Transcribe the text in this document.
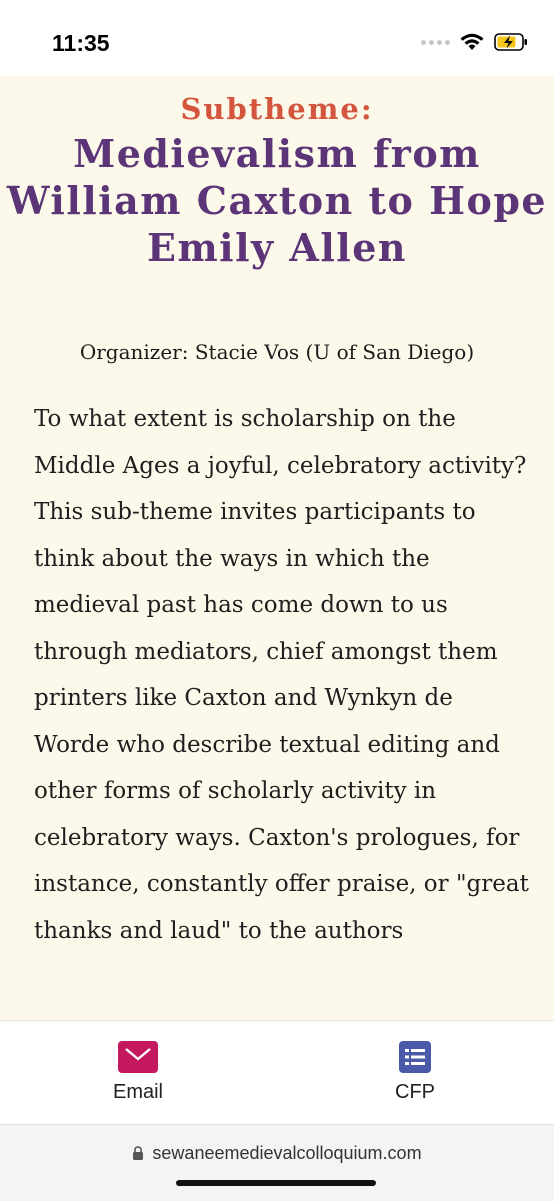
11:35
Subtheme:
Medievalism from William Caxton to Hope Emily Allen
Organizer: Stacie Vos (U of San Diego)

To what extent is scholarship on the Middle Ages a joyful, celebratory activity? This sub-theme invites participants to think about the ways in which the medieval past has come down to us through mediators, chief amongst them printers like Caxton and Wynkyn de Worde who describe textual editing and other forms of scholarly activity in celebratory ways. Caxton's prologues, for instance, constantly offer praise, or "great thanks and laud" to the authors

Email	CFP
sewaneemedievalcolloquium.com
